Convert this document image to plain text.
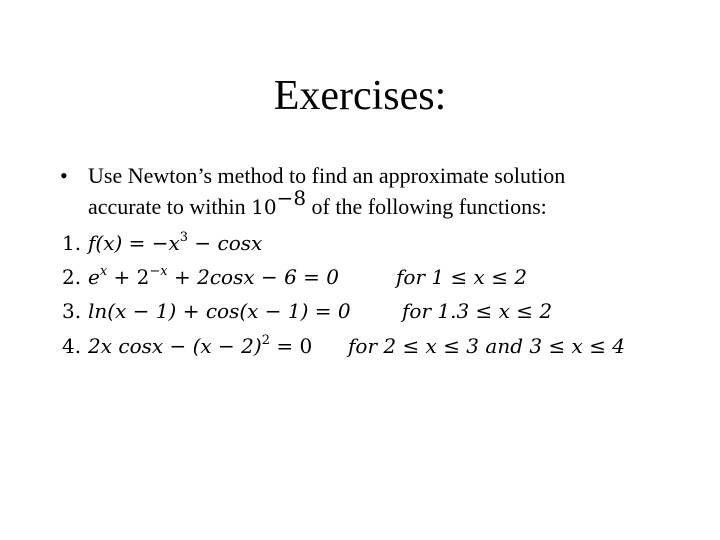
Exercises:
• Use Newton’s method to find an approximate solution
accurate to within $10^{-8}$ of the following functions:
1. $f(x) = -x^3 - \cos x$
2. $e^x + 2^{-x} + 2\cos x - 6 = 0$	for 1 ≤ x ≤ 2
3. ln(x − 1) + cos(x − 1) = 0	for 1.3 ≤ x ≤ 2
4. 2x $\cos x - (x - 2)^2 = 0$ for 2 ≤ x ≤ 3 and 3 ≤ x ≤ 4
